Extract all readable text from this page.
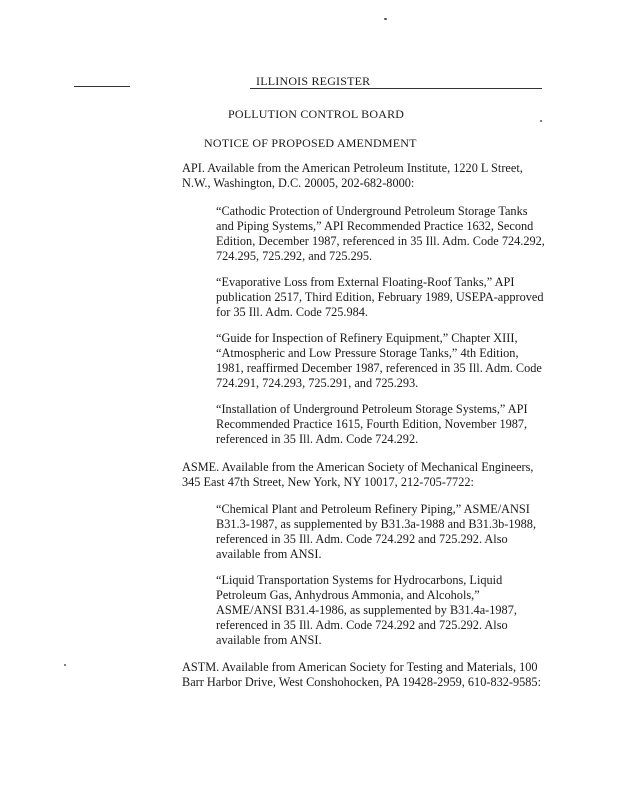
ILLINOIS REGISTER
POLLUTION CONTROL BOARD
NOTICE OF PROPOSED AMENDMENT
API. Available from the American Petroleum Institute, 1220 L Street,
N.W., Washington, D.C. 20005, 202-682-8000:
“Cathodic Protection of Underground Petroleum Storage Tanks
and Piping Systems,” API Recommended Practice 1632, Second
Edition, December 1987, referenced in 35 Ill. Adm. Code 724.292,
724.295, 725.292, and 725.295.
“Evaporative Loss from External Floating-Roof Tanks,” API
publication 2517, Third Edition, February 1989, USEPA-approved
for 35 Ill. Adm. Code 725.984.
“Guide for Inspection of Refinery Equipment,” Chapter XIII,
“Atmospheric and Low Pressure Storage Tanks,” 4th Edition,
1981, reaffirmed December 1987, referenced in 35 Ill. Adm. Code
724.291, 724.293, 725.291, and 725.293.
“Installation of Underground Petroleum Storage Systems,” API
Recommended Practice 1615, Fourth Edition, November 1987,
referenced in 35 Ill. Adm. Code 724.292.
ASME. Available from the American Society of Mechanical Engineers,
345 East 47th Street, New York, NY 10017, 212-705-7722:
“Chemical Plant and Petroleum Refinery Piping,” ASME/ANSI
B31.3-1987, as supplemented by B31.3a-1988 and B31.3b-1988,
referenced in 35 Ill. Adm. Code 724.292 and 725.292. Also
available from ANSI.
“Liquid Transportation Systems for Hydrocarbons, Liquid
Petroleum Gas, Anhydrous Ammonia, and Alcohols,”
ASME/ANSI B31.4-1986, as supplemented by B31.4a-1987,
referenced in 35 Ill. Adm. Code 724.292 and 725.292. Also
available from ANSI.
ASTM. Available from American Society for Testing and Materials, 100
Barr Harbor Drive, West Conshohocken, PA 19428-2959, 610-832-9585:
